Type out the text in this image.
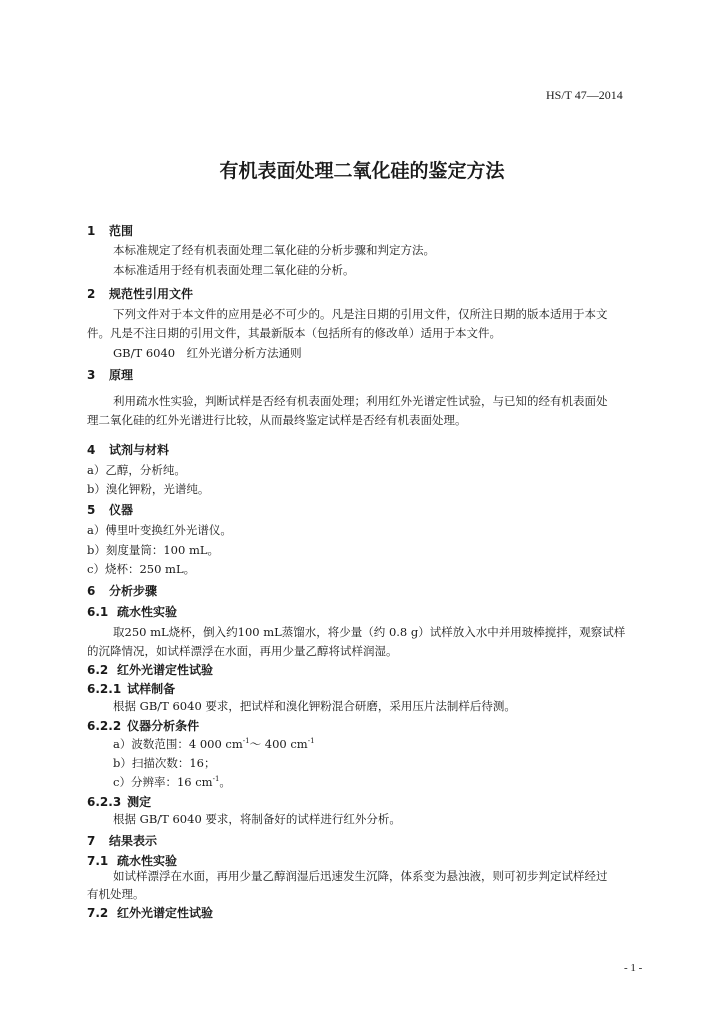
HS/T 47—2014
有机表面处理二氧化硅的鉴定方法
1 范围
本标准规定了经有机表面处理二氧化硅的分析步骤和判定方法。
本标准适用于经有机表面处理二氧化硅的分析。
2 规范性引用文件
下列文件对于本文件的应用是必不可少的。凡是注日期的引用文件，仅所注日期的版本适用于本文
件。凡是不注日期的引用文件，其最新版本（包括所有的修改单）适用于本文件。
GB/T 6040　红外光谱分析方法通则
3 原理
利用疏水性实验，判断试样是否经有机表面处理；利用红外光谱定性试验，与已知的经有机表面处
理二氧化硅的红外光谱进行比较，从而最终鉴定试样是否经有机表面处理。
4 试剂与材料
a）乙醇，分析纯。
b）溴化钾粉，光谱纯。
5 仪器
a）傅里叶变换红外光谱仪。
b）刻度量筒：100 mL。
c）烧杯：250 mL。
6 分析步骤
6.1 疏水性实验
取250 mL烧杯，倒入约100 mL蒸馏水，将少量（约 0.8 g）试样放入水中并用玻棒搅拌，观察试样
的沉降情况，如试样漂浮在水面，再用少量乙醇将试样润湿。
6.2 红外光谱定性试验
6.2.1 试样制备
根据 GB/T 6040 要求，把试样和溴化钾粉混合研磨，采用压片法制样后待测。
6.2.2 仪器分析条件
a）波数范围：4 000 $cm^{-1}\sim$ 400 $cm^{-1}$
b）扫描次数：16；
c）分辨率：16 $cm^{-1}$。
6.2.3 测定
根据 GB/T 6040 要求，将制备好的试样进行红外分析。
7 结果表示
7.1 疏水性实验
如试样漂浮在水面，再用少量乙醇润湿后迅速发生沉降，体系变为悬浊液，则可初步判定试样经过
有机处理。
7.2 红外光谱定性试验
- 1 -
